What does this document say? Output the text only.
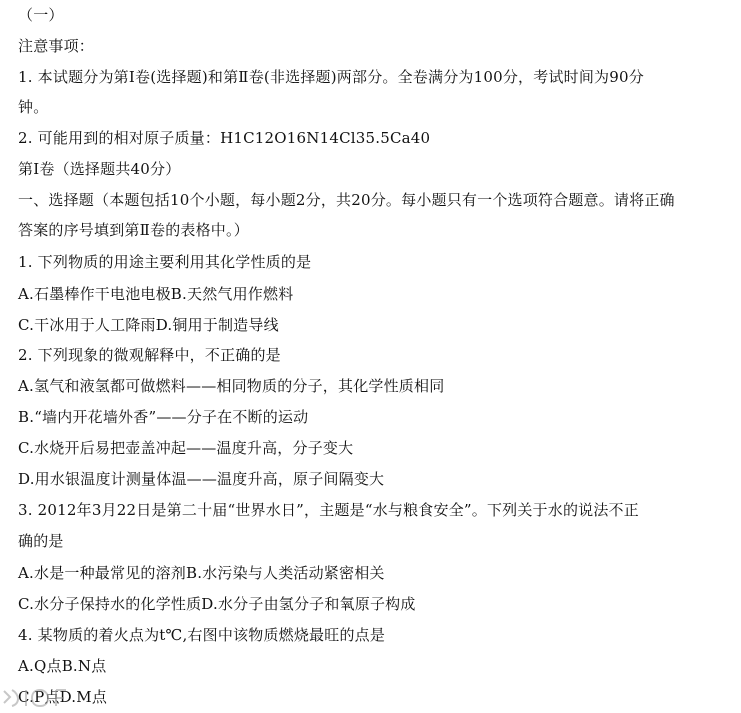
（一）
注意事项：
1. 本试题分为第Ⅰ卷(选择题)和第Ⅱ卷(非选择题)两部分。全卷满分为100分，考试时间为90分
钟。
2. 可能用到的相对原子质量：H1C12O16N14Cl35.5Ca40
第Ⅰ卷（选择题共40分）
一、选择题（本题包括10个小题，每小题2分，共20分。每小题只有一个选项符合题意。请将正确
答案的序号填到第Ⅱ卷的表格中。）
1. 下列物质的用途主要利用其化学性质的是
A.石墨棒作干电池电极B.天然气用作燃料
C.干冰用于人工降雨D.铜用于制造导线
2. 下列现象的微观解释中，不正确的是
A.氢气和液氢都可做燃料——相同物质的分子，其化学性质相同
B.“墙内开花墙外香”——分子在不断的运动
C.水烧开后易把壶盖冲起——温度升高，分子变大
D.用水银温度计测量体温——温度升高，原子间隔变大
3. 2012年3月22日是第二十届“世界水日”，主题是“水与粮食安全”。下列关于水的说法不正
确的是
A.水是一种最常见的溶剂B.水污染与人类活动紧密相关
C.水分子保持水的化学性质D.水分子由氢分子和氧原子构成
4. 某物质的着火点为t℃,右图中该物质燃烧最旺的点是
A.Q点B.N点
C.P点D.M点
